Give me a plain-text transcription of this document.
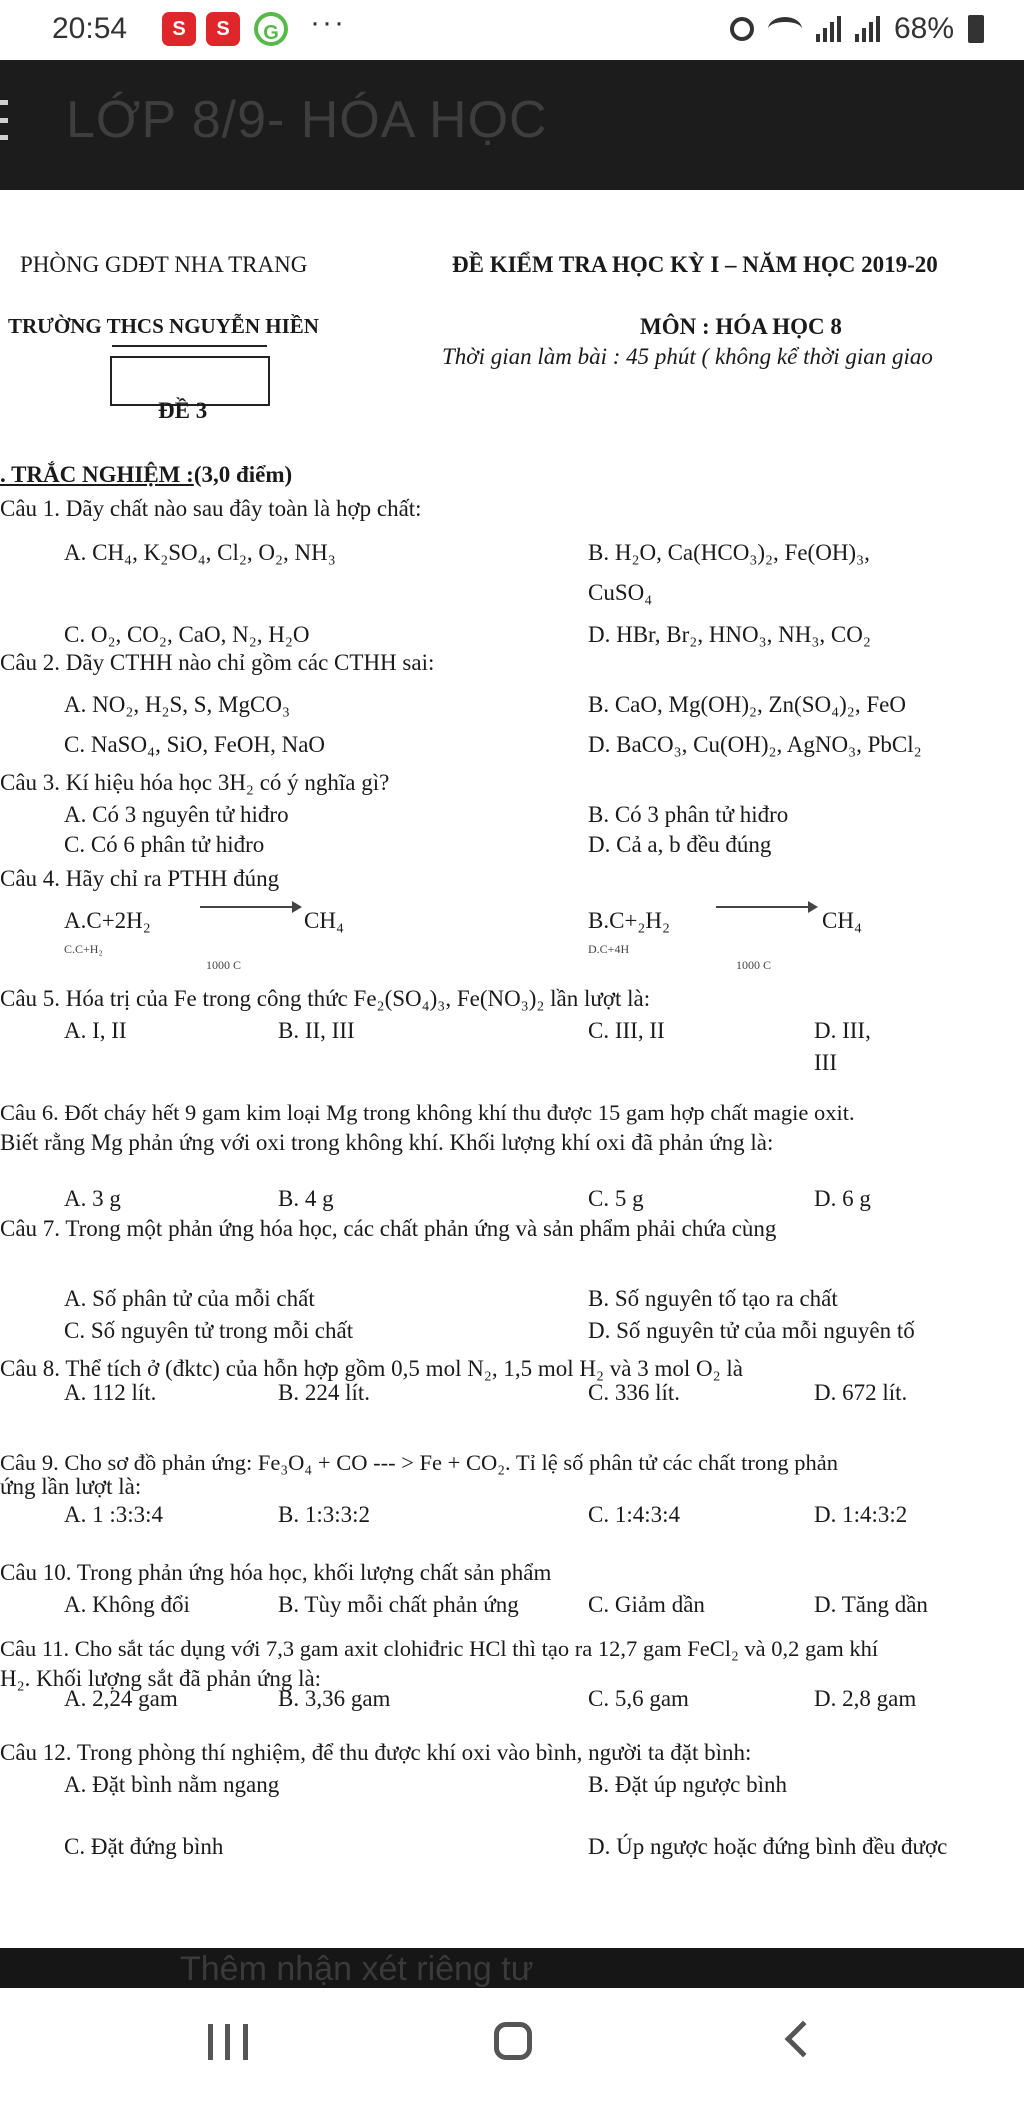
20:54	S	S	G	···	68%
LỚP 8/9- HÓA HỌC
PHÒNG GDĐT NHA TRANG	ĐỀ KIỂM TRA HỌC KỲ I – NĂM HỌC 2019-20
TRƯỜNG THCS NGUYỄN HIỀN	MÔN : HÓA HỌC 8
Thời gian làm bài : 45 phút ( không kể thời gian giao
ĐỀ 3
. TRẮC NGHIỆM :(3,0 điểm)
Câu 1. Dãy chất nào sau đây toàn là hợp chất:
A. CH₄, K₂SO₄, Cl₂, O₂, NH₃	B. H₂O, Ca(HCO₃)₂, Fe(OH)₃,
CuSO₄
C. O₂, CO₂, CaO, N₂, H₂O	D. HBr, Br₂, HNO₃, NH₃, CO₂
Câu 2. Dãy CTHH nào chỉ gồm các CTHH sai:
A. NO₂, H₂S, S, MgCO₃	B. CaO, Mg(OH)₂, Zn(SO₄)₂, FeO
C. NaSO₄, SiO, FeOH, NaO	D. BaCO₃, Cu(OH)₂, AgNO₃, PbCl₂
Câu 3. Kí hiệu hóa học 3H₂ có ý nghĩa gì?
A. Có 3 nguyên tử hiđro	B. Có 3 phân tử hiđro
C. Có 6 phân tử hiđro	D. Cả a, b đều đúng
Câu 4. Hãy chỉ ra PTHH đúng
A.C+2H₂	CH₄
C.C+H₂
1000 C
B.C+₂H₂	CH₄
D.C+4H
1000 C
Câu 5. Hóa trị của Fe trong công thức Fe₂(SO₄)₃, Fe(NO₃)₂ lần lượt là:
A. I, II	B. II, III	C. III, II	D. III,
III
Câu 6. Đốt cháy hết 9 gam kim loại Mg trong không khí thu được 15 gam hợp chất magie oxit.
Biết rằng Mg phản ứng với oxi trong không khí. Khối lượng khí oxi đã phản ứng là:
A. 3 g	B. 4 g	C. 5 g	D. 6 g
Câu 7. Trong một phản ứng hóa học, các chất phản ứng và sản phẩm phải chứa cùng
A. Số phân tử của mỗi chất	B. Số nguyên tố tạo ra chất
C. Số nguyên tử trong mỗi chất	D. Số nguyên tử của mỗi nguyên tố
Câu 8. Thể tích ở (đktc) của hỗn hợp gồm 0,5 mol N₂, 1,5 mol H₂ và 3 mol O₂ là
A. 112 lít.	B. 224 lít.	C. 336 lít.	D. 672 lít.
Câu 9. Cho sơ đồ phản ứng: Fe₃O₄ + CO --- > Fe + CO₂. Tỉ lệ số phân tử các chất trong phản
ứng lần lượt là:
A. 1 :3:3:4	B. 1:3:3:2	C. 1:4:3:4	D. 1:4:3:2
Câu 10. Trong phản ứng hóa học, khối lượng chất sản phẩm
A. Không đổi	B. Tùy mỗi chất phản ứng	C. Giảm dần	D. Tăng dần
Câu 11. Cho sắt tác dụng với 7,3 gam axit clohiđric HCl thì tạo ra 12,7 gam FeCl₂ và 0,2 gam khí
H₂. Khối lượng sắt đã phản ứng là:
A. 2,24 gam	B. 3,36 gam	C. 5,6 gam	D. 2,8 gam
Câu 12. Trong phòng thí nghiệm, để thu được khí oxi vào bình, người ta đặt bình:
A. Đặt bình nằm ngang	B. Đặt úp ngược bình
C. Đặt đứng bình	D. Úp ngược hoặc đứng bình đều được
Thêm nhận xét riêng tư
